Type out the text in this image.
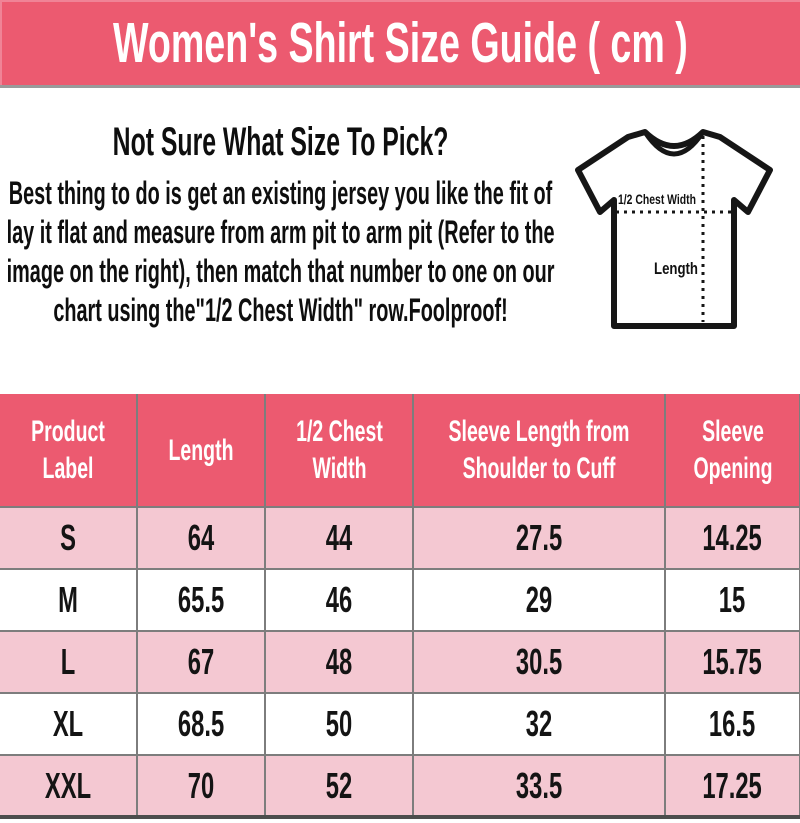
Women's Shirt Size Guide ( cm )
Not Sure What Size To Pick?

Best thing to do is get an existing jersey you like the fit of lay it flat and measure from arm pit to arm pit (Refer to the image on the right), then match that number to one on our chart using the"1/2 Chest Width" row.Foolproof!

1/2 Chest Width
Length
Product Label	Length	1/2 Chest Width	Sleeve Length from Shoulder to Cuff	Sleeve Opening

S	64	44	27.5	14.25
M	65.5	46	29	15
L	67	48	30.5	15.75
XL	68.5	50	32	16.5
XXL	70	52	33.5	17.25
